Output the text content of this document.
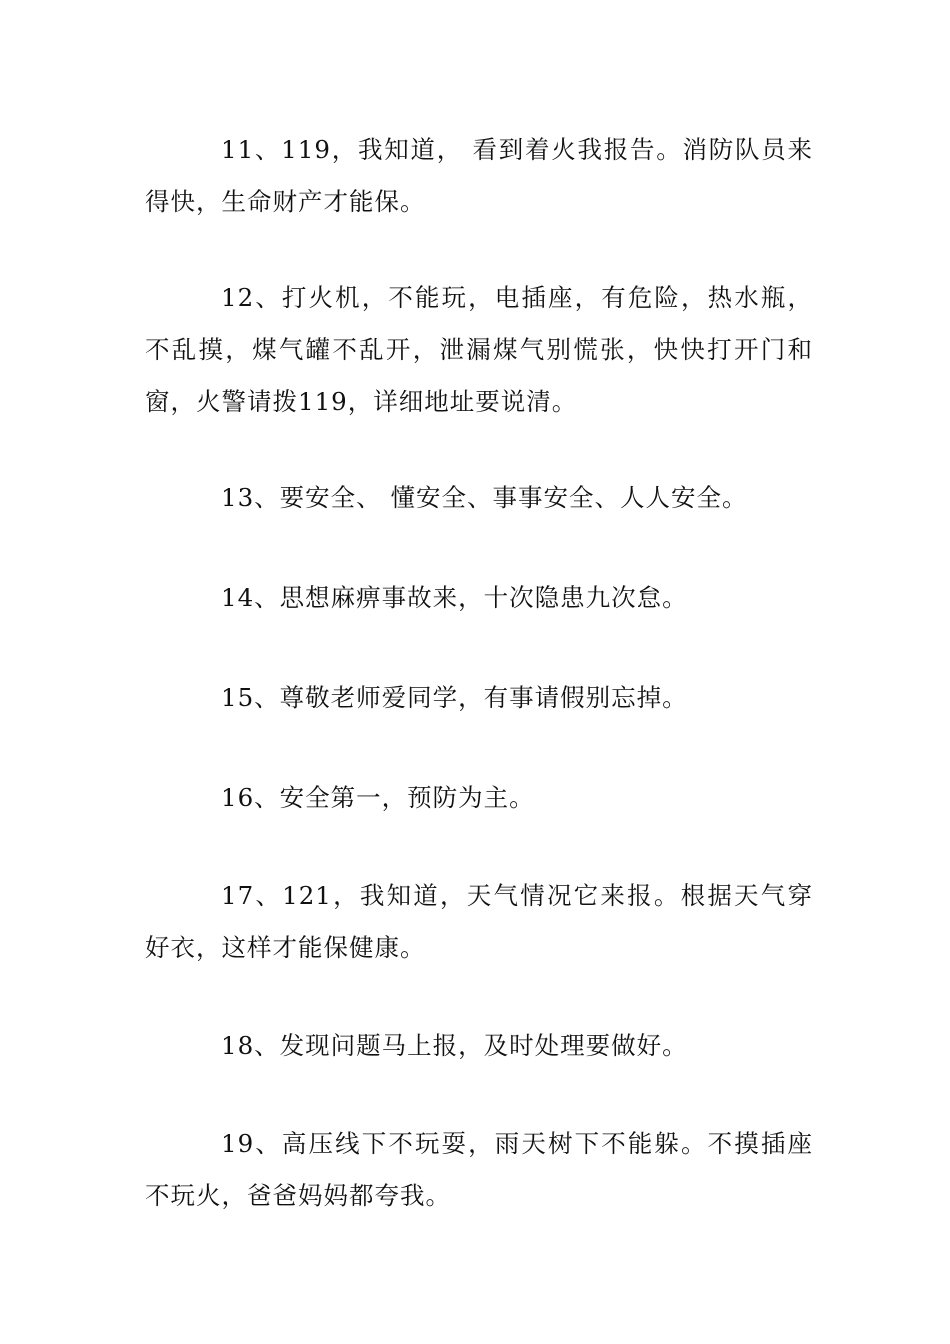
11、119，我知道， 看到着火我报告。消防队员来得快，生命财产才能保。

12、打火机，不能玩，电插座，有危险，热水瓶，不乱摸，煤气罐不乱开，泄漏煤气别慌张，快快打开门和窗，火警请拨119，详细地址要说清。

13、要安全、 懂安全、事事安全、人人安全。

14、思想麻痹事故来，十次隐患九次怠。

15、尊敬老师爱同学，有事请假别忘掉。

16、安全第一，预防为主。

17、121，我知道，天气情况它来报。根据天气穿好衣，这样才能保健康。

18、发现问题马上报，及时处理要做好。

19、高压线下不玩耍，雨天树下不能躲。不摸插座不玩火，爸爸妈妈都夸我。
